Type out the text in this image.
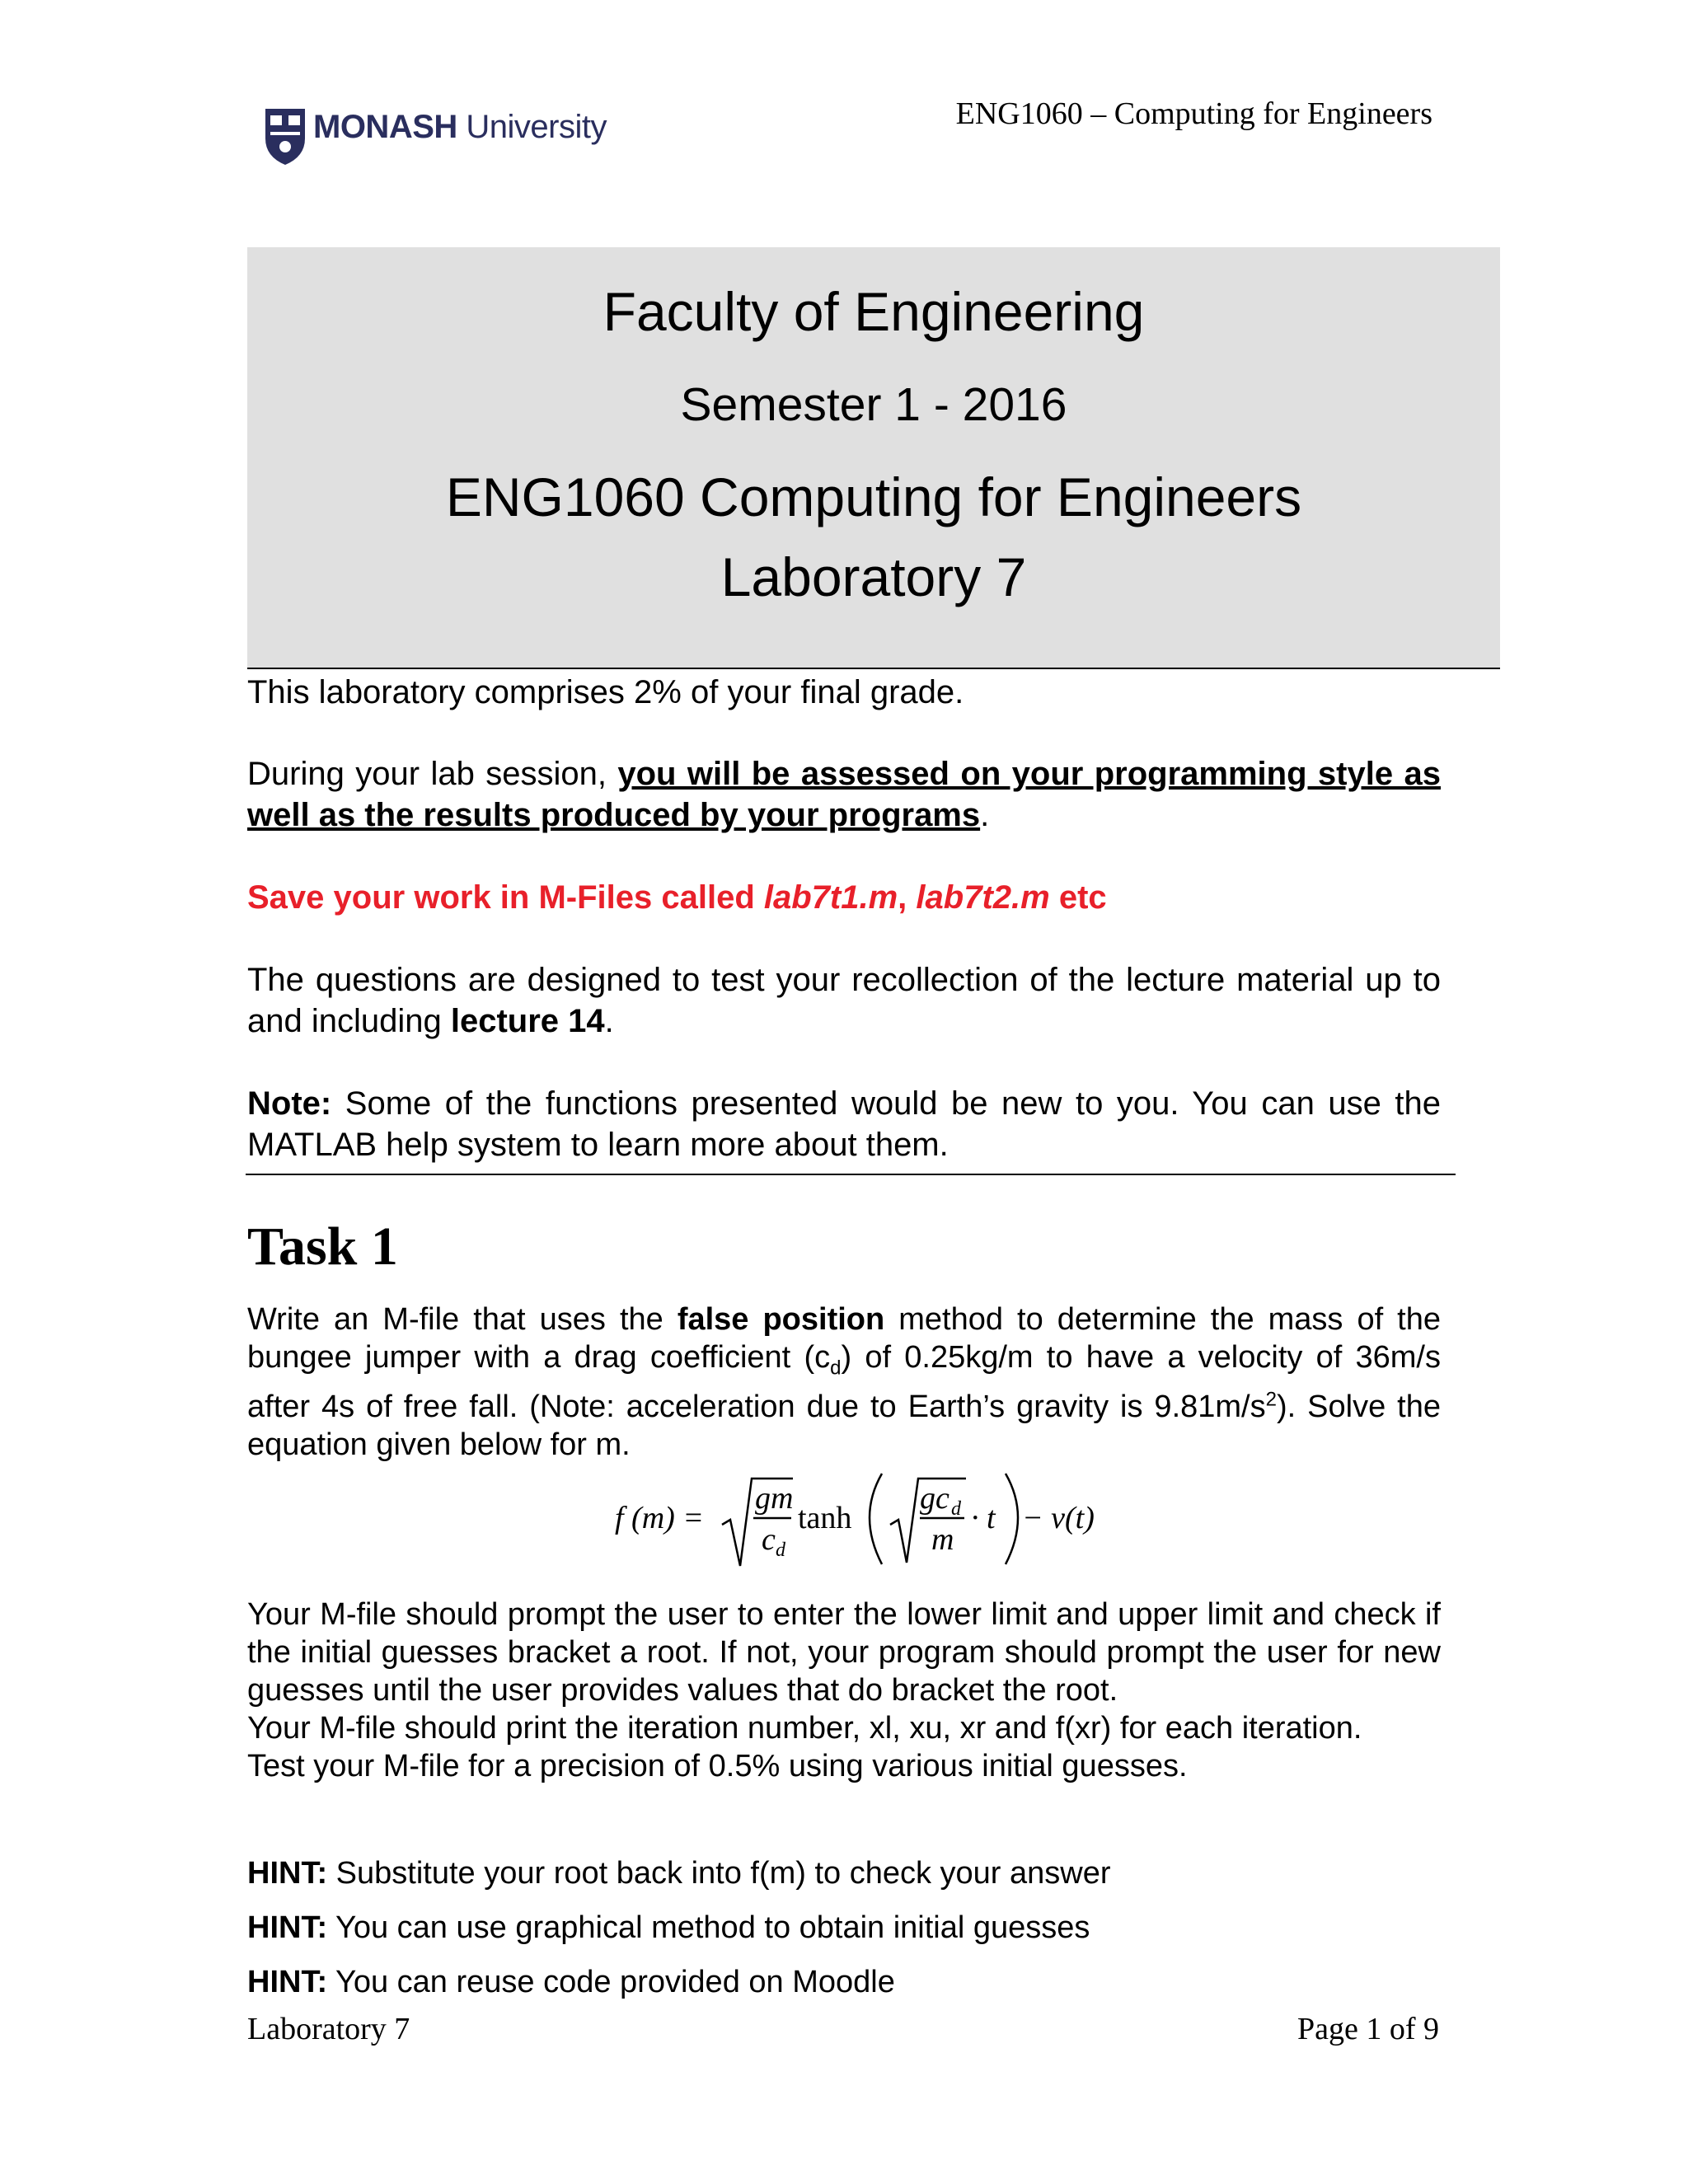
MONASH University	ENG1060 – Computing for Engineers
Faculty of Engineering
Semester 1 - 2016
ENG1060 Computing for Engineers
Laboratory 7

This laboratory comprises 2% of your final grade.

During your lab session, you will be assessed on your programming style as well as the results produced by your programs.

Save your work in M-Files called lab7t1.m, lab7t2.m etc

The questions are designed to test your recollection of the lecture material up to and including lecture 14.

Note: Some of the functions presented would be new to you. You can use the MATLAB help system to learn more about them.

Task 1
Write an M-file that uses the false position method to determine the mass of the bungee jumper with a drag coefficient $(c_d)$ of 0.25kg/m to have a velocity of 36m/s after 4s of free fall. (Note: acceleration due to Earth’s gravity is $9.81m/s^2$). Solve the equation given below for m.
f (m) =
gm
c d
tanh
gc d
m
· t − v(t)
Your M-file should prompt the user to enter the lower limit and upper limit and check if the initial guesses bracket a root. If not, your program should prompt the user for new guesses until the user provides values that do bracket the root.
Your M-file should print the iteration number, xl, xu, xr and f(xr) for each iteration.
Test your M-file for a precision of 0.5% using various initial guesses.
HINT: Substitute your root back into f(m) to check your answer
HINT: You can use graphical method to obtain initial guesses
HINT: You can reuse code provided on Moodle
Laboratory 7	Page 1 of 9
